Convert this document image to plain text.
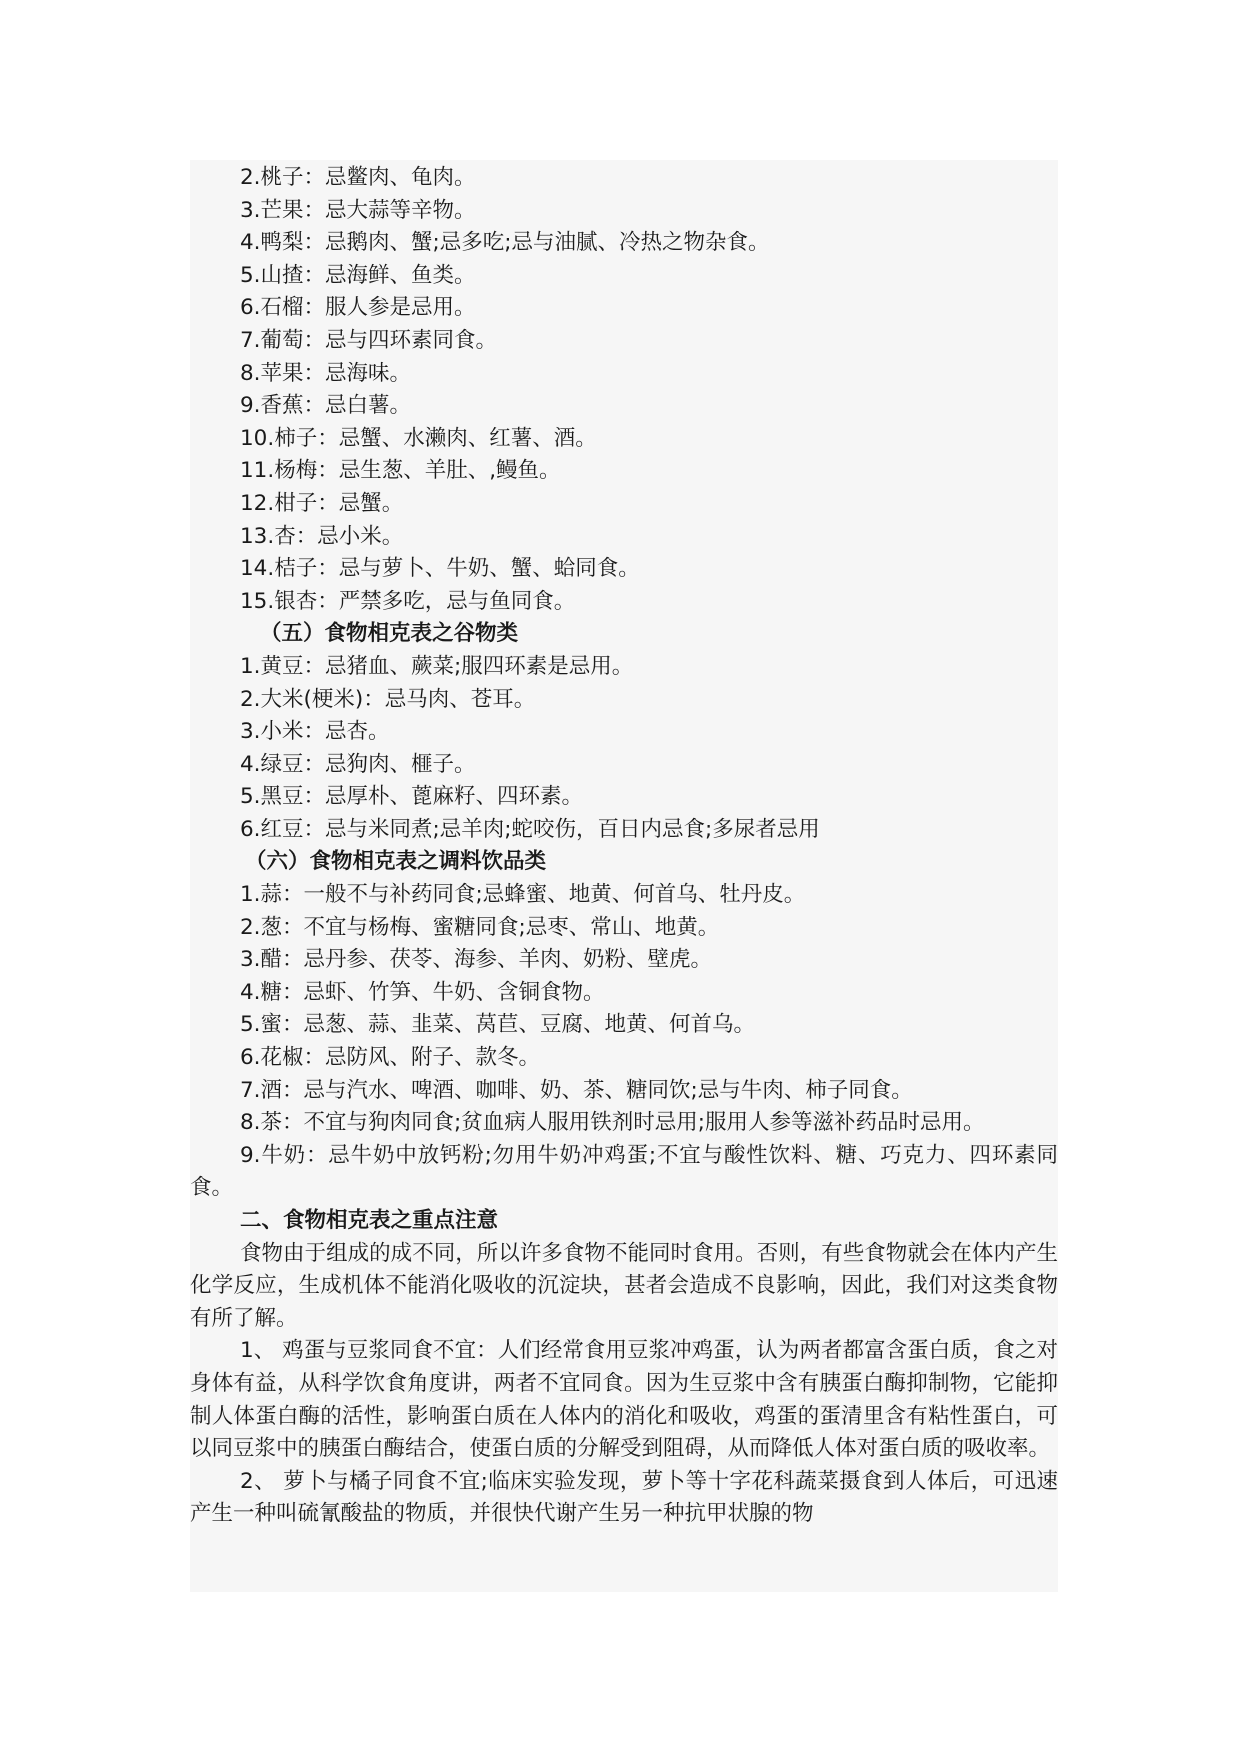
2.桃子：忌鳖肉、龟肉。
3.芒果：忌大蒜等辛物。
4.鸭梨：忌鹅肉、蟹;忌多吃;忌与油腻、冷热之物杂食。
5.山揸：忌海鲜、鱼类。
6.石榴：服人参是忌用。
7.葡萄：忌与四环素同食。
8.苹果：忌海味。
9.香蕉：忌白薯。
10.柿子：忌蟹、水濑肉、红薯、酒。
11.杨梅：忌生葱、羊肚、,鳗鱼。
12.柑子：忌蟹。
13.杏：忌小米。
14.桔子：忌与萝卜、牛奶、蟹、蛤同食。
15.银杏：严禁多吃，忌与鱼同食。
（五）食物相克表之谷物类
1.黄豆：忌猪血、蕨菜;服四环素是忌用。
2.大米(梗米)：忌马肉、苍耳。
3.小米：忌杏。
4.绿豆：忌狗肉、榧子。
5.黑豆：忌厚朴、蓖麻籽、四环素。
6.红豆：忌与米同煮;忌羊肉;蛇咬伤，百日内忌食;多尿者忌用
（六）食物相克表之调料饮品类
1.蒜：一般不与补药同食;忌蜂蜜、地黄、何首乌、牡丹皮。
2.葱：不宜与杨梅、蜜糖同食;忌枣、常山、地黄。
3.醋：忌丹参、茯苓、海参、羊肉、奶粉、壁虎。
4.糖：忌虾、竹笋、牛奶、含铜食物。
5.蜜：忌葱、蒜、韭菜、莴苣、豆腐、地黄、何首乌。
6.花椒：忌防风、附子、款冬。
7.酒：忌与汽水、啤酒、咖啡、奶、茶、糖同饮;忌与牛肉、柿子同食。

8.茶：不宜与狗肉同食;贫血病人服用铁剂时忌用;服用人参等滋补药品时忌用。

9.牛奶：忌牛奶中放钙粉;勿用牛奶冲鸡蛋;不宜与酸性饮料、糖、巧克力、四环素同食。

二、食物相克表之重点注意

食物由于组成的成不同，所以许多食物不能同时食用。否则，有些食物就会在体内产生化学反应，生成机体不能消化吸收的沉淀块，甚者会造成不良影响，因此，我们对这类食物有所了解。

1、 鸡蛋与豆浆同食不宜：人们经常食用豆浆冲鸡蛋，认为两者都富含蛋白质，食之对身体有益，从科学饮食角度讲，两者不宜同食。因为生豆浆中含有胰蛋白酶抑制物，它能抑制人体蛋白酶的活性，影响蛋白质在人体内的消化和吸收，鸡蛋的蛋清里含有粘性蛋白，可以同豆浆中的胰蛋白酶结合，使蛋白质的分解受到阻碍，从而降低人体对蛋白质的吸收率。

2、 萝卜与橘子同食不宜;临床实验发现，萝卜等十字花科蔬菜摄食到人体后，可迅速产生一种叫硫氰酸盐的物质，并很快代谢产生另一种抗甲状腺的物
